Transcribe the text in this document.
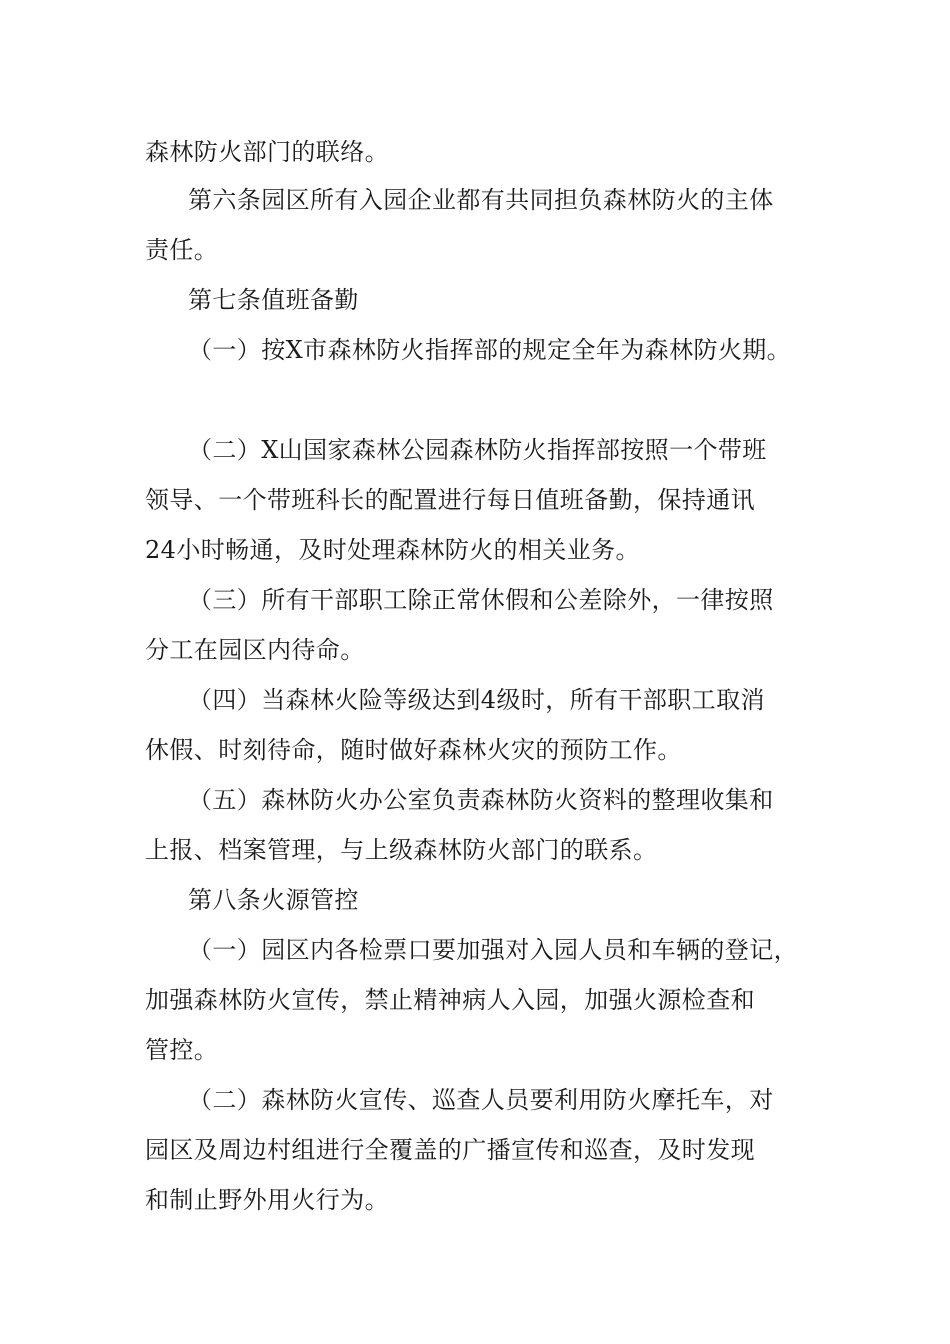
森林防火部门的联络。
第六条园区所有入园企业都有共同担负森林防火的主体
责任。
第七条值班备勤
（一）按X市森林防火指挥部的规定全年为森林防火期。
（二）X山国家森林公园森林防火指挥部按照一个带班
领导、一个带班科长的配置进行每日值班备勤，保持通讯
24小时畅通，及时处理森林防火的相关业务。
（三）所有干部职工除正常休假和公差除外，一律按照
分工在园区内待命。
（四）当森林火险等级达到4级时，所有干部职工取消
休假、时刻待命，随时做好森林火灾的预防工作。
（五）森林防火办公室负责森林防火资料的整理收集和
上报、档案管理，与上级森林防火部门的联系。
第八条火源管控
（一）园区内各检票口要加强对入园人员和车辆的登记，
加强森林防火宣传，禁止精神病人入园，加强火源检查和
管控。
（二）森林防火宣传、巡查人员要利用防火摩托车，对
园区及周边村组进行全覆盖的广播宣传和巡查，及时发现
和制止野外用火行为。
